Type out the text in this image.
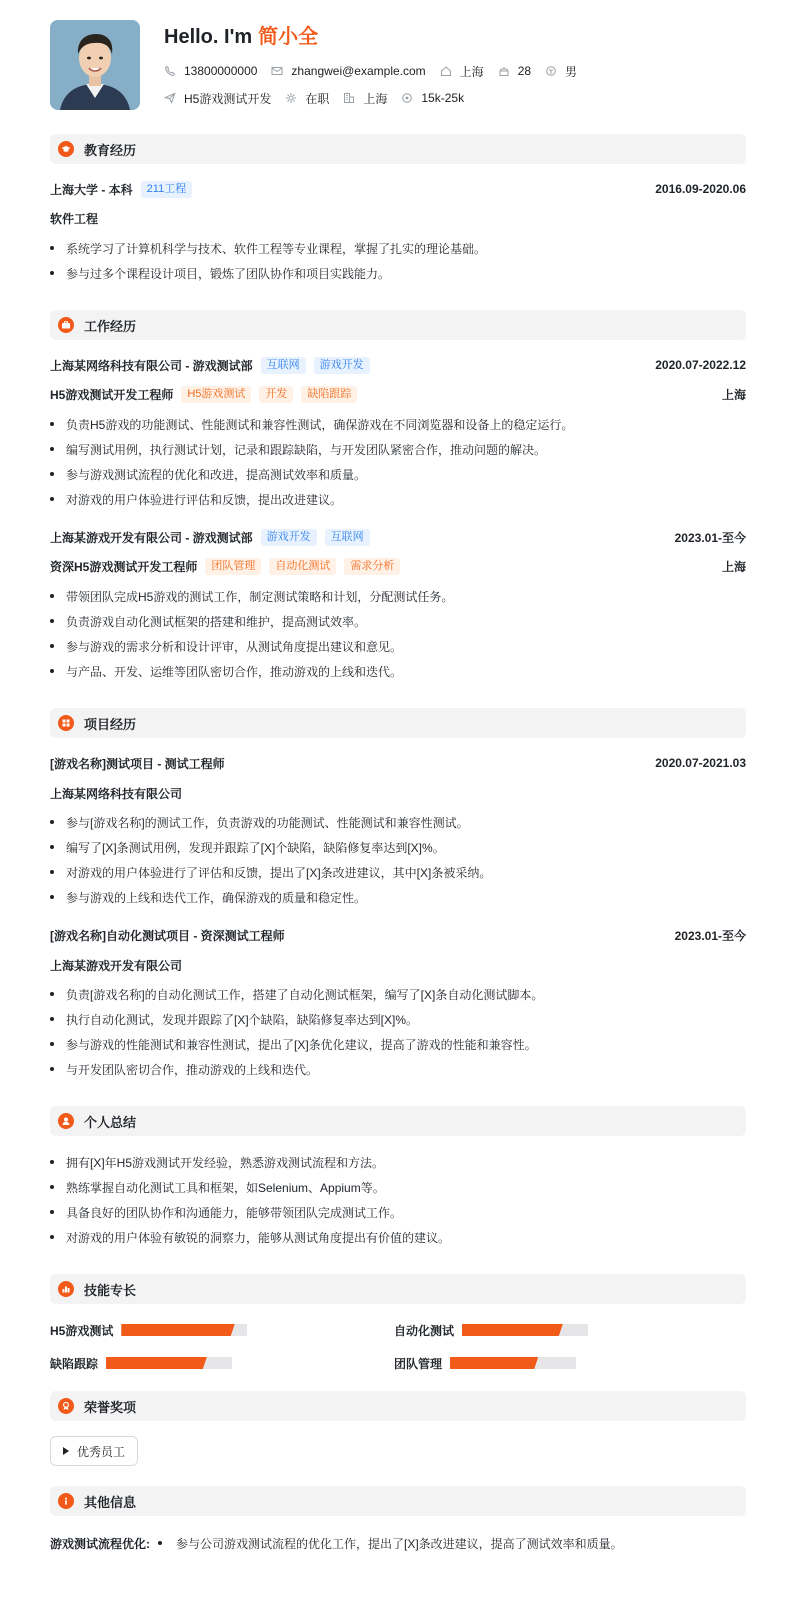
Hello. I'm 简小全
13800000000	zhangwei@example.com	上海	28	男
H5游戏测试开发	在职	上海	15k-25k
教育经历
上海大学 - 本科	211工程	2016.09-2020.06
软件工程
系统学习了计算机科学与技术、软件工程等专业课程，掌握了扎实的理论基础。
参与过多个课程设计项目，锻炼了团队协作和项目实践能力。
工作经历
上海某网络科技有限公司 - 游戏测试部	互联网	游戏开发	2020.07-2022.12
H5游戏测试开发工程师	H5游戏测试	开发	缺陷跟踪	上海
负责H5游戏的功能测试、性能测试和兼容性测试，确保游戏在不同浏览器和设备上的稳定运行。
编写测试用例，执行测试计划，记录和跟踪缺陷，与开发团队紧密合作，推动问题的解决。
参与游戏测试流程的优化和改进，提高测试效率和质量。
对游戏的用户体验进行评估和反馈，提出改进建议。
上海某游戏开发有限公司 - 游戏测试部	游戏开发	互联网	2023.01-至今
资深H5游戏测试开发工程师	团队管理	自动化测试	需求分析	上海
带领团队完成H5游戏的测试工作，制定测试策略和计划，分配测试任务。
负责游戏自动化测试框架的搭建和维护，提高测试效率。
参与游戏的需求分析和设计评审，从测试角度提出建议和意见。
与产品、开发、运维等团队密切合作，推动游戏的上线和迭代。
项目经历
[游戏名称]测试项目 - 测试工程师	2020.07-2021.03
上海某网络科技有限公司
参与[游戏名称]的测试工作，负责游戏的功能测试、性能测试和兼容性测试。
编写了[X]条测试用例，发现并跟踪了[X]个缺陷，缺陷修复率达到[X]%。
对游戏的用户体验进行了评估和反馈，提出了[X]条改进建议，其中[X]条被采纳。
参与游戏的上线和迭代工作，确保游戏的质量和稳定性。
[游戏名称]自动化测试项目 - 资深测试工程师	2023.01-至今
上海某游戏开发有限公司
负责[游戏名称]的自动化测试工作，搭建了自动化测试框架，编写了[X]条自动化测试脚本。
执行自动化测试，发现并跟踪了[X]个缺陷，缺陷修复率达到[X]%。
参与游戏的性能测试和兼容性测试，提出了[X]条优化建议，提高了游戏的性能和兼容性。
与开发团队密切合作，推动游戏的上线和迭代。
个人总结
拥有[X]年H5游戏测试开发经验，熟悉游戏测试流程和方法。
熟练掌握自动化测试工具和框架，如Selenium、Appium等。
具备良好的团队协作和沟通能力，能够带领团队完成测试工作。
对游戏的用户体验有敏锐的洞察力，能够从测试角度提出有价值的建议。
技能专长
H5游戏测试	自动化测试
缺陷跟踪	团队管理
荣誉奖项
优秀员工
其他信息
游戏测试流程优化: 参与公司游戏测试流程的优化工作，提出了[X]条改进建议，提高了测试效率和质量。
